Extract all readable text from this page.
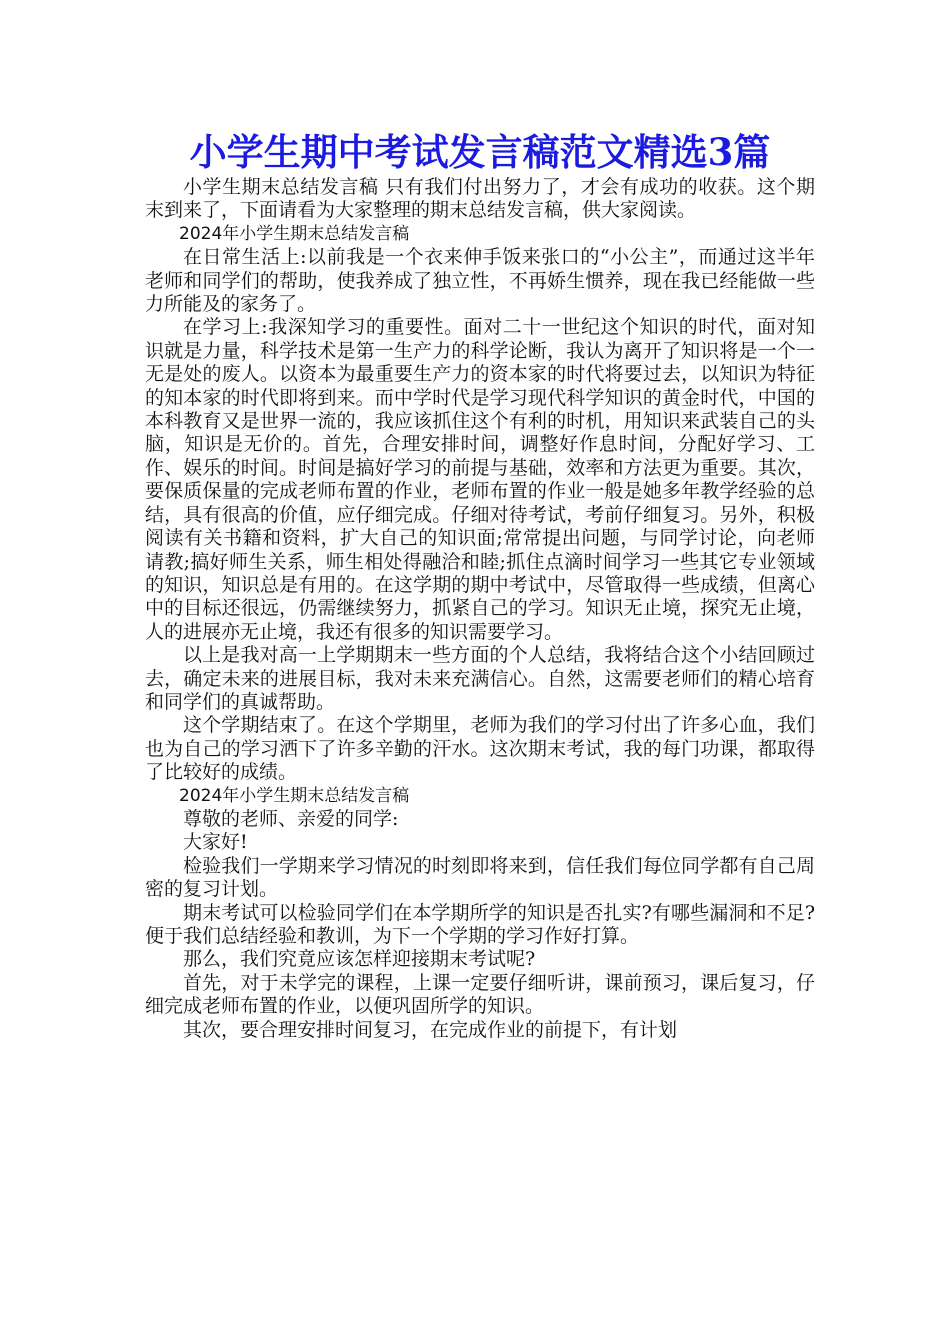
小学生期中考试发言稿范文精选3篇

小学生期末总结发言稿 只有我们付出努力了，才会有成功的收获。这个期末到来了，下面请看为大家整理的期末总结发言稿，供大家阅读。

2024年小学生期末总结发言稿

在日常生活上:以前我是一个衣来伸手饭来张口的“小公主”，而通过这半年老师和同学们的帮助，使我养成了独立性，不再娇生惯养，现在我已经能做一些力所能及的家务了。

在学习上:我深知学习的重要性。面对二十一世纪这个知识的时代，面对知识就是力量，科学技术是第一生产力的科学论断，我认为离开了知识将是一个一无是处的废人。以资本为最重要生产力的资本家的时代将要过去，以知识为特征的知本家的时代即将到来。而中学时代是学习现代科学知识的黄金时代，中国的本科教育又是世界一流的，我应该抓住这个有利的时机，用知识来武装自己的头脑，知识是无价的。首先，合理安排时间，调整好作息时间，分配好学习、工作、娱乐的时间。时间是搞好学习的前提与基础，效率和方法更为重要。其次，要保质保量的完成老师布置的作业，老师布置的作业一般是她多年教学经验的总结，具有很高的价值，应仔细完成。仔细对待考试，考前仔细复习。另外，积极阅读有关书籍和资料，扩大自己的知识面;常常提出问题，与同学讨论，向老师请教;搞好师生关系，师生相处得融洽和睦;抓住点滴时间学习一些其它专业领域的知识，知识总是有用的。在这学期的期中考试中，尽管取得一些成绩，但离心中的目标还很远，仍需继续努力，抓紧自己的学习。知识无止境，探究无止境，人的进展亦无止境，我还有很多的知识需要学习。

以上是我对高一上学期期末一些方面的个人总结，我将结合这个小结回顾过去，确定未来的进展目标，我对未来充满信心。自然，这需要老师们的精心培育和同学们的真诚帮助。

这个学期结束了。在这个学期里，老师为我们的学习付出了许多心血，我们也为自己的学习洒下了许多辛勤的汗水。这次期末考试，我的每门功课，都取得了比较好的成绩。

2024年小学生期末总结发言稿

尊敬的老师、亲爱的同学:

大家好!

检验我们一学期来学习情况的时刻即将来到，信任我们每位同学都有自己周密的复习计划。

期末考试可以检验同学们在本学期所学的知识是否扎实?有哪些漏洞和不足?便于我们总结经验和教训，为下一个学期的学习作好打算。

那么，我们究竟应该怎样迎接期末考试呢?

首先，对于未学完的课程，上课一定要仔细听讲，课前预习，课后复习，仔细完成老师布置的作业，以便巩固所学的知识。

其次，要合理安排时间复习，在完成作业的前提下，有计划
